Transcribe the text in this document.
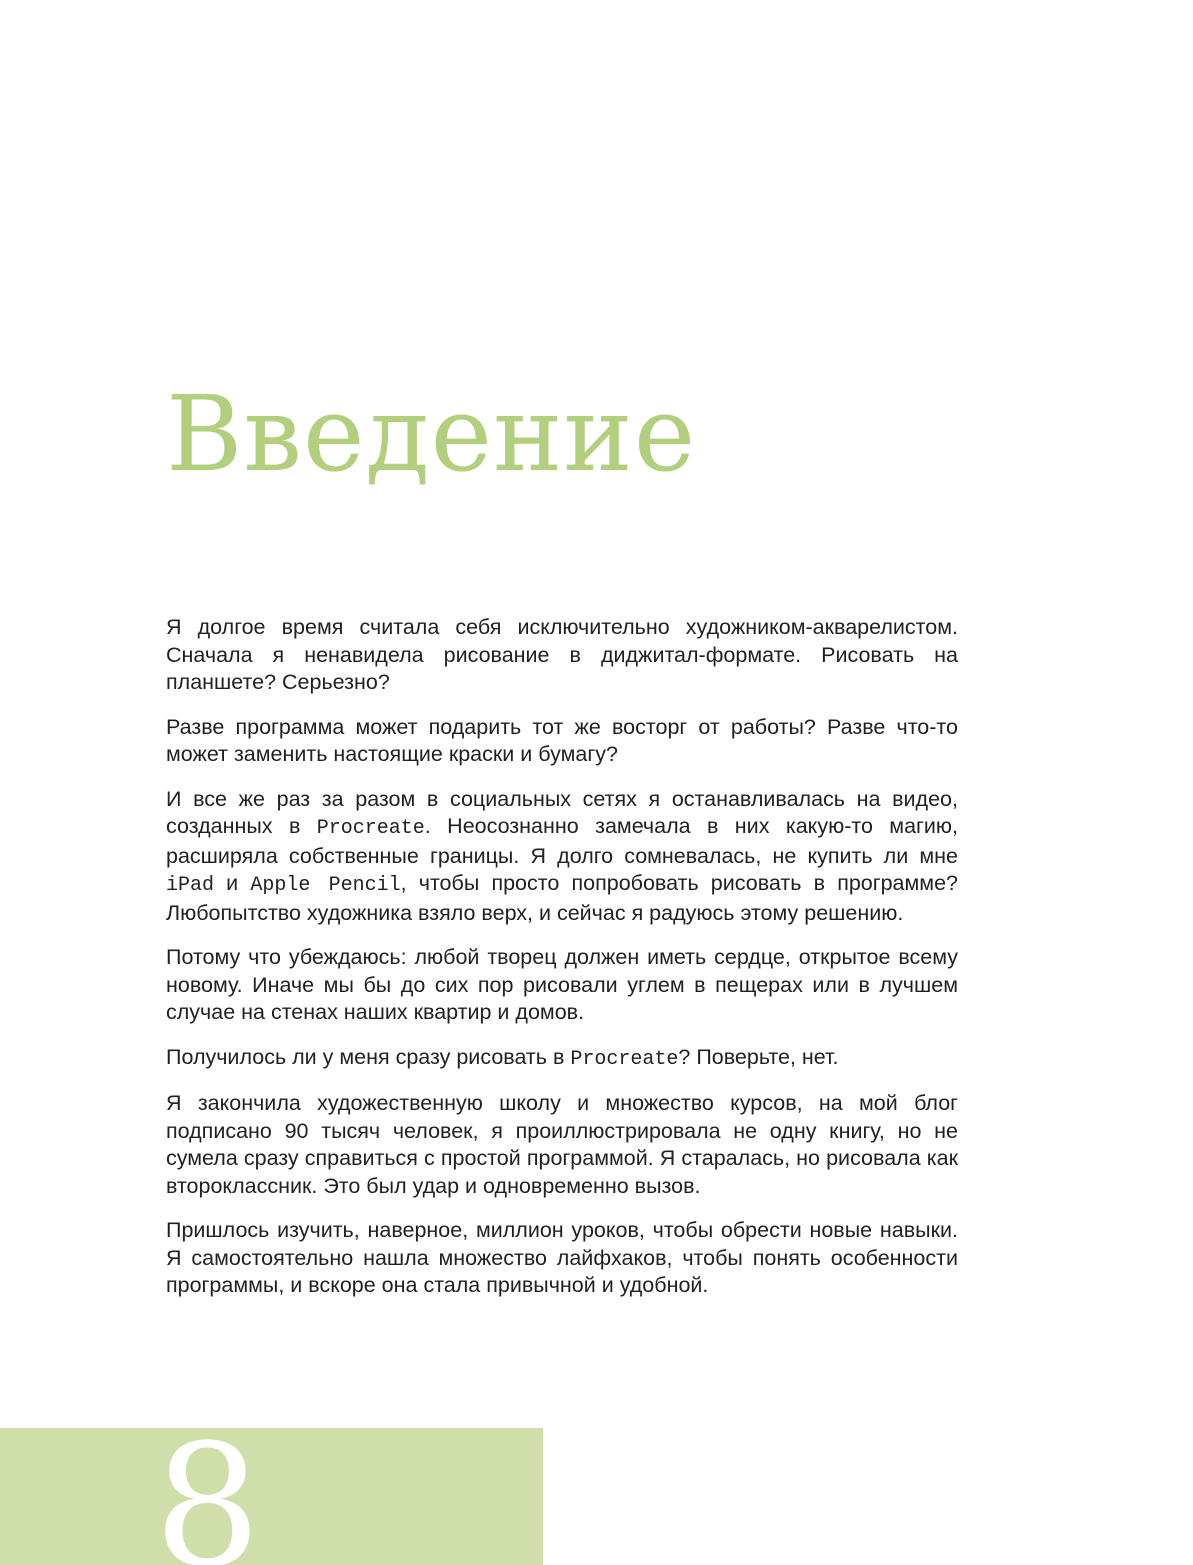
Введение

Я долгое время считала себя исключительно художником-акварелистом. Сначала я ненавидела рисование в диджитал-формате. Рисовать на планшете? Серьезно?

Разве программа может подарить тот же восторг от работы? Разве что-то может заменить настоящие краски и бумагу?

И все же раз за разом в социальных сетях я останавливалась на видео, созданных в Procreate. Неосознанно замечала в них какую-то магию, расширяла собственные границы. Я долго сомневалась, не купить ли мне iPad и Apple Pencil, чтобы просто попробовать рисовать в программе? Любопытство художника взяло верх, и сейчас я радуюсь этому решению.

Потому что убеждаюсь: любой творец должен иметь сердце, открытое всему новому. Иначе мы бы до сих пор рисовали углем в пещерах или в лучшем случае на стенах наших квартир и домов.

Получилось ли у меня сразу рисовать в Procreate? Поверьте, нет.

Я закончила художественную школу и множество курсов, на мой блог подписано 90 тысяч человек, я проиллюстрировала не одну книгу, но не сумела сразу справиться с простой программой. Я старалась, но рисовала как второклассник. Это был удар и одновременно вызов.

Пришлось изучить, наверное, миллион уроков, чтобы обрести новые навыки. Я самостоятельно нашла множество лайфхаков, чтобы понять особенности программы, и вскоре она стала привычной и удобной.

8
